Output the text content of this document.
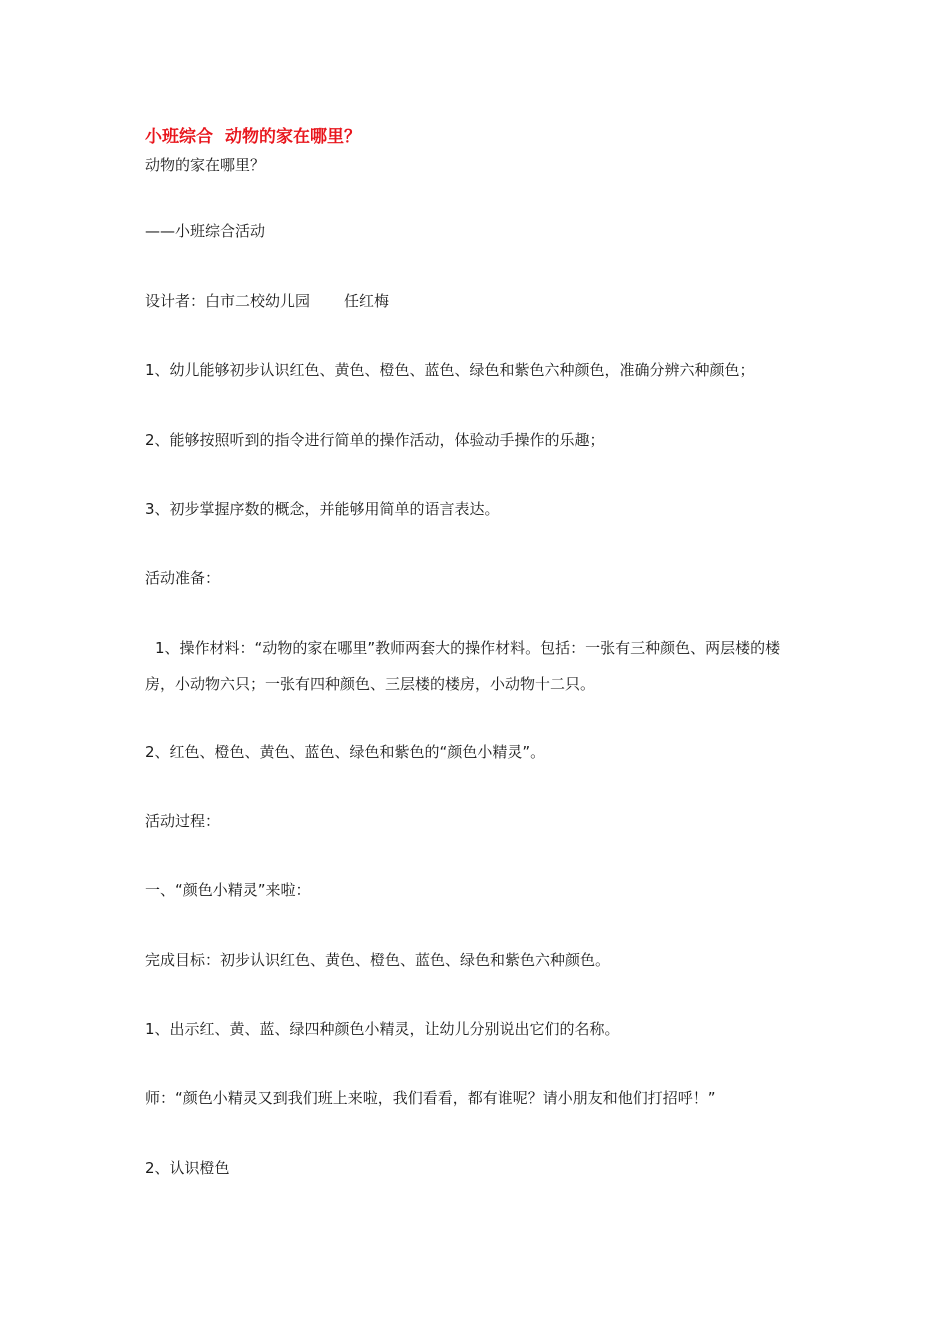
小班综合 动物的家在哪里？
动物的家在哪里？
——小班综合活动
设计者：白市二校幼儿园 任红梅
1、幼儿能够初步认识红色、黄色、橙色、蓝色、绿色和紫色六种颜色，准确分辨六种颜色；
2、能够按照听到的指令进行简单的操作活动，体验动手操作的乐趣；
3、初步掌握序数的概念，并能够用简单的语言表达。
活动准备：
1、操作材料：“动物的家在哪里”教师两套大的操作材料。包括：一张有三种颜色、两层楼的楼房，小动物六只；一张有四种颜色、三层楼的楼房，小动物十二只。
2、红色、橙色、黄色、蓝色、绿色和紫色的“颜色小精灵”。
活动过程：
一、“颜色小精灵”来啦：
完成目标：初步认识红色、黄色、橙色、蓝色、绿色和紫色六种颜色。
1、出示红、黄、蓝、绿四种颜色小精灵，让幼儿分别说出它们的名称。
师：“颜色小精灵又到我们班上来啦，我们看看，都有谁呢？请小朋友和他们打招呼！”
2、认识橙色
